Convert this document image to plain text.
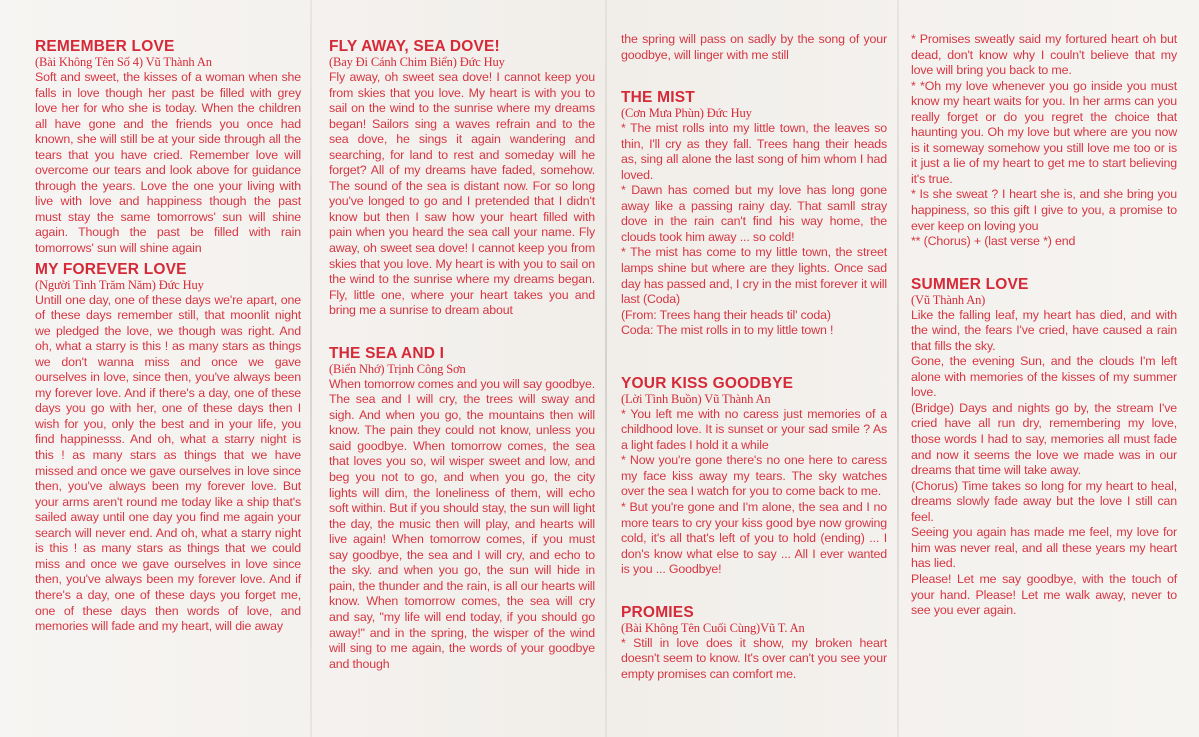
REMEMBER LOVE
(Bài Không Tên Số 4) Vũ Thành An

Soft and sweet, the kisses of a woman when she falls in love though her past be filled with grey love her for who she is today. When the children all have gone and the friends you once had known, she will still be at your side through all the tears that you have cried. Remember love will overcome our tears and look above for guidance through the years. Love the one your living with live with love and happiness though the past must stay the same tomorrows' sun will shine again. Though the past be filled with rain tomorrows' sun will shine again

MY FOREVER LOVE
(Người Tình Trăm Năm) Đức Huy

Untill one day, one of these days we're apart, one of these days remember still, that moonlit night we pledged the love, we though was right. And oh, what a starry is this ! as many stars as things we don't wanna miss and once we gave ourselves in love, since then, you've always been my forever love. And if there's a day, one of these days you go with her, one of these days then I wish for you, only the best and in your life, you find happinesss. And oh, what a starry night is this ! as many stars as things that we have missed and once we gave ourselves in love since then, you've always been my forever love. But your arms aren't round me today like a ship that's sailed away until one day you find me again your search will never end. And oh, what a starry night is this ! as many stars as things that we could miss and once we gave ourselves in love since then, you've always been my forever love. And if there's a day, one of these days you forget me, one of these days then words of love, and memories will fade and my heart, will die away

FLY AWAY, SEA DOVE!
(Bay Đi Cánh Chim Biển) Đức Huy

Fly away, oh sweet sea dove! I cannot keep you from skies that you love. My heart is with you to sail on the wind to the sunrise where my dreams began! Sailors sing a waves refrain and to the sea dove, he sings it again wandering and searching, for land to rest and someday will he forget? All of my dreams have faded, somehow. The sound of the sea is distant now. For so long you've longed to go and I pretended that I didn't know but then I saw how your heart filled with pain when you heard the sea call your name. Fly away, oh sweet sea dove! I cannot keep you from skies that you love. My heart is with you to sail on the wind to the sunrise where my dreams began. Fly, little one, where your heart takes you and bring me a sunrise to dream about

THE SEA AND I
(Biển Nhớ) Trịnh Công Sơn

When tomorrow comes and you will say goodbye. The sea and I will cry, the trees will sway and sigh. And when you go, the mountains then will know. The pain they could not know, unless you said goodbye. When tomorrow comes, the sea that loves you so, wil wisper sweet and low, and beg you not to go, and when you go, the city lights will dim, the loneliness of them, will echo soft within. But if you should stay, the sun will light the day, the music then will play, and hearts will live again! When tomorrow comes, if you must say goodbye, the sea and I will cry, and echo to the sky. and when you go, the sun will hide in pain, the thunder and the rain, is all our hearts will know. When tomorrow comes, the sea will cry and say, "my life will end today, if you should go away!" and in the spring, the wisper of the wind will sing to me again, the words of your goodbye and though

the spring will pass on sadly by the song of your goodbye, will linger with me still

THE MIST
(Cơn Mưa Phùn) Đức Huy

* The mist rolls into my little town, the leaves so thin, I'll cry as they fall. Trees hang their heads as, sing all alone the last song of him whom I had loved.

* Dawn has comed but my love has long gone away like a passing rainy day. That samll stray dove in the rain can't find his way home, the clouds took him away ... so cold!

* The mist has come to my little town, the street lamps shine but where are they lights. Once sad day has passed and, I cry in the mist forever it will last (Coda)

(From: Trees hang their heads til' coda)

Coda: The mist rolls in to my little town !

YOUR KISS GOODBYE
(Lời Tình Buồn) Vũ Thành An

* You left me with no caress just memories of a childhood love. It is sunset or your sad smile ? As a light fades I hold it a while

* Now you're gone there's no one here to caress my face kiss away my tears. The sky watches over the sea I watch for you to come back to me.

* But you're gone and I'm alone, the sea and I no more tears to cry your kiss good bye now growing cold, it's all that's left of you to hold (ending) ... I don's know what else to say ... All I ever wanted is you ... Goodbye!

PROMIES
(Bài Không Tên Cuối Cùng)Vũ T. An

* Still in love does it show, my broken heart doesn't seem to know. It's over can't you see your empty promises can comfort me.

* Promises sweatly said my fortured heart oh but dead, don't know why I couln't believe that my love will bring you back to me.

* *Oh my love whenever you go inside you must know my heart waits for you. In her arms can you really forget or do you regret the choice that haunting you. Oh my love but where are you now is it someway somehow you still love me too or is it just a lie of my heart to get me to start believing it's true.

* Is she sweat ? I heart she is, and she bring you happiness, so this gift I give to you, a promise to ever keep on loving you

** (Chorus) + (last verse *) end

SUMMER LOVE
(Vũ Thành An)

Like the falling leaf, my heart has died, and with the wind, the fears I've cried, have caused a rain that fills the sky.

Gone, the evening Sun, and the clouds I'm left alone with memories of the kisses of my summer love.

(Bridge) Days and nights go by, the stream I've cried have all run dry, remembering my love, those words I had to say, memories all must fade and now it seems the love we made was in our dreams that time will take away.

(Chorus) Time takes so long for my heart to heal, dreams slowly fade away but the love I still can feel.

Seeing you again has made me feel, my love for him was never real, and all these years my heart has lied.

Please! Let me say goodbye, with the touch of your hand. Please! Let me walk away, never to see you ever again.
